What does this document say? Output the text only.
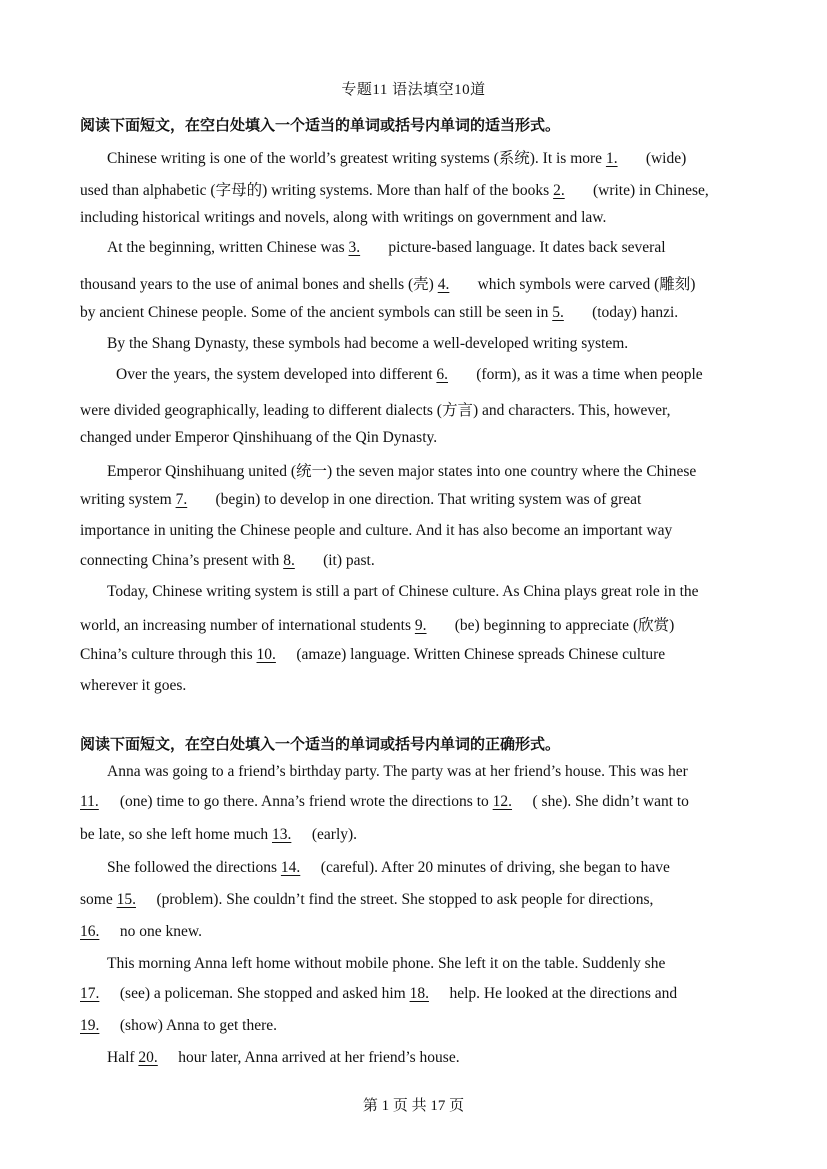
专题11 语法填空10道
阅读下面短文，在空白处填入一个适当的单词或括号内单词的适当形式。
Chinese writing is one of the world’s greatest writing systems (系统). It is more 1. (wide)
used than alphabetic (字母的) writing systems. More than half of the books 2. (write) in Chinese,
including historical writings and novels, along with writings on government and law.
At the beginning, written Chinese was 3. picture-based language. It dates back several
thousand years to the use of animal bones and shells (壳) 4. which symbols were carved (雕刻)
by ancient Chinese people. Some of the ancient symbols can still be seen in 5. (today) hanzi.
By the Shang Dynasty, these symbols had become a well-developed writing system.
Over the years, the system developed into different 6. (form), as it was a time when people
were divided geographically, leading to different dialects (方言) and characters. This, however,
changed under Emperor Qinshihuang of the Qin Dynasty.
Emperor Qinshihuang united (统一) the seven major states into one country where the Chinese
writing system 7. (begin) to develop in one direction. That writing system was of great
importance in uniting the Chinese people and culture. And it has also become an important way
connecting China’s present with 8. (it) past.
Today, Chinese writing system is still a part of Chinese culture. As China plays great role in the
world, an increasing number of international students 9. (be) beginning to appreciate (欣赏)
China’s culture through this 10. (amaze) language. Written Chinese spreads Chinese culture
wherever it goes.
阅读下面短文，在空白处填入一个适当的单词或括号内单词的正确形式。
Anna was going to a friend’s birthday party. The party was at her friend’s house. This was her
11. (one) time to go there. Anna’s friend wrote the directions to 12. ( she). She didn’t want to
be late, so she left home much 13. (early).
She followed the directions 14. (careful). After 20 minutes of driving, she began to have
some 15. (problem). She couldn’t find the street. She stopped to ask people for directions,
16. no one knew.
This morning Anna left home without mobile phone. She left it on the table. Suddenly she
17. (see) a policeman. She stopped and asked him 18. help. He looked at the directions and
19. (show) Anna to get there.
Half 20. hour later, Anna arrived at her friend’s house.
第 1 页 共 17 页
